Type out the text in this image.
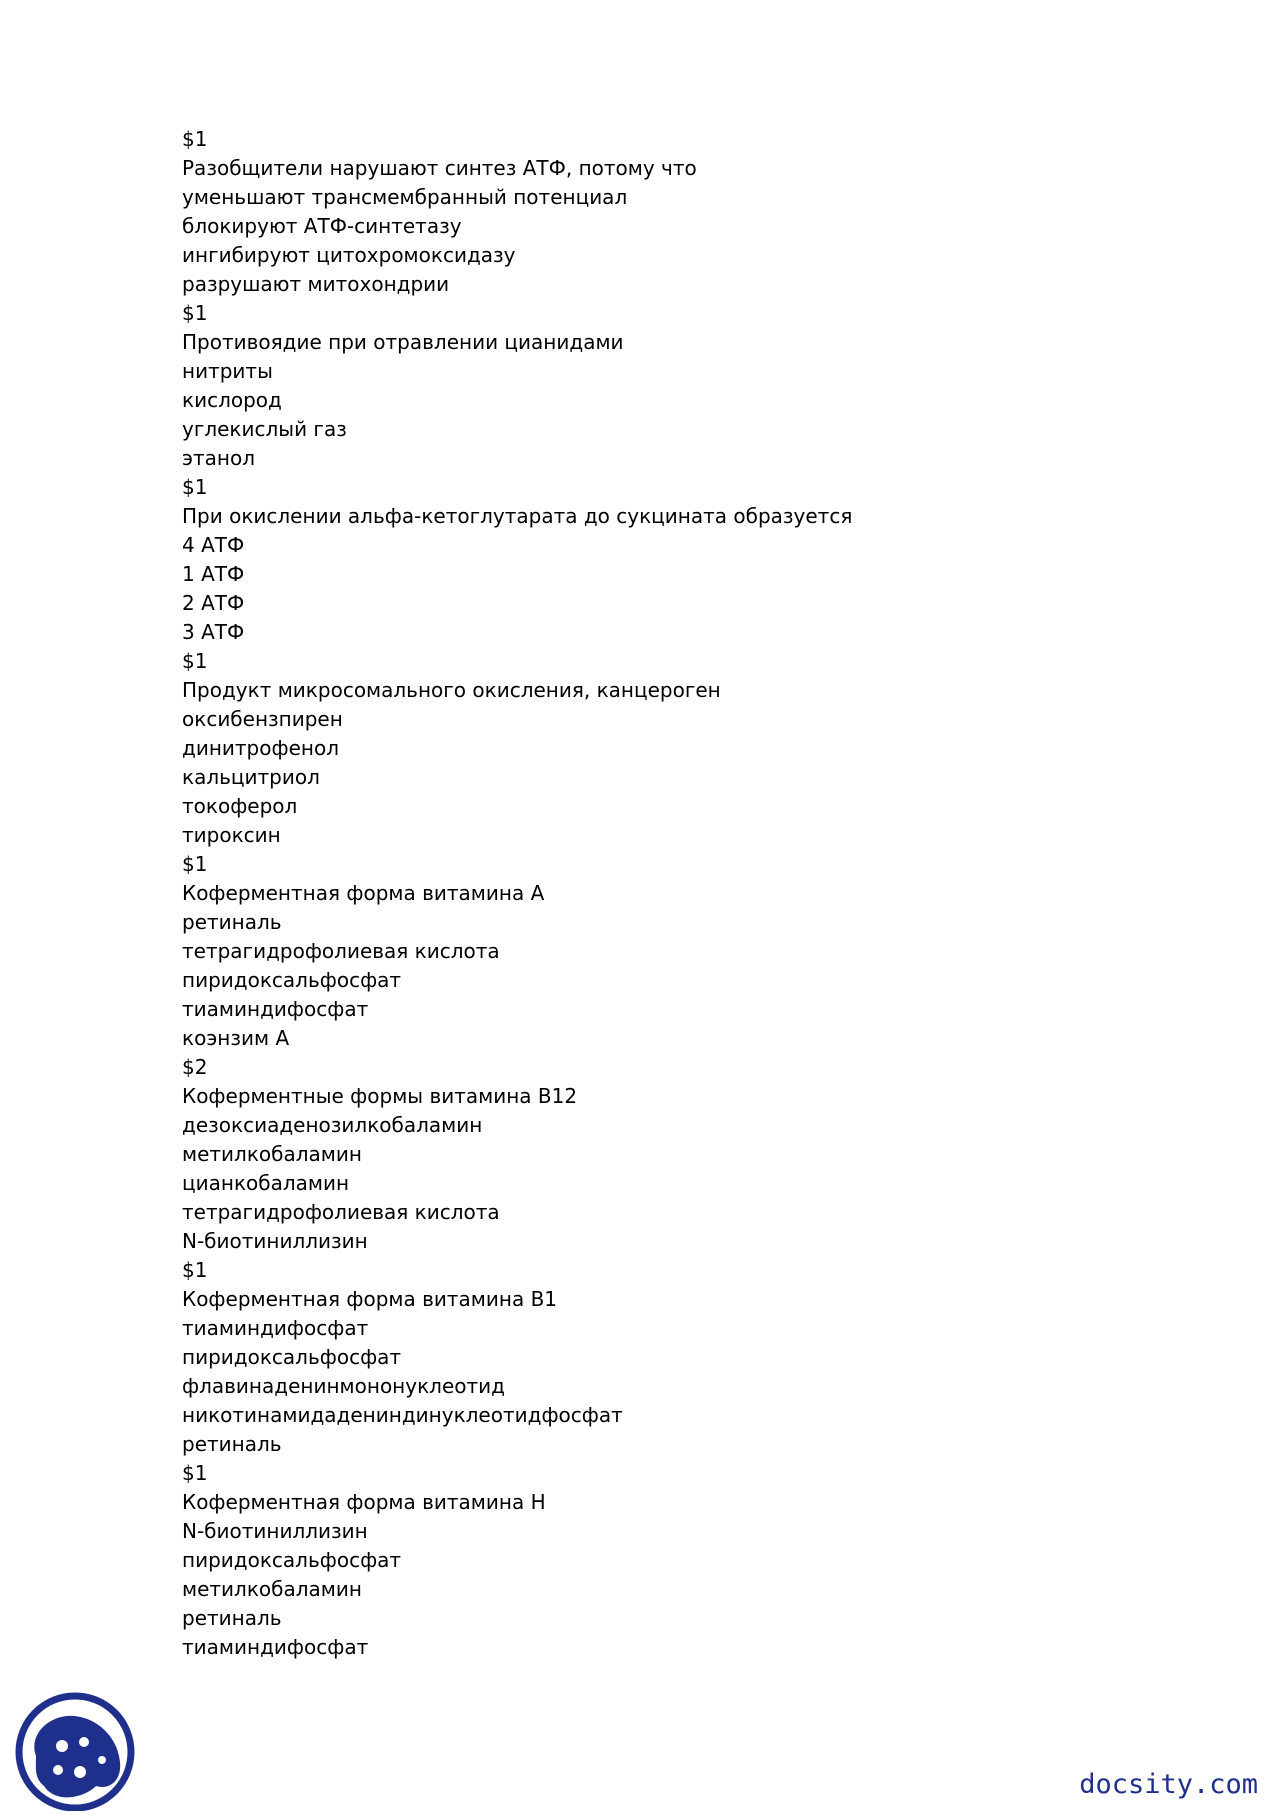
$1
Разобщители нарушают синтез АТФ, потому что
уменьшают трансмембранный потенциал
блокируют АТФ-синтетазу
ингибируют цитохромоксидазу
разрушают митохондрии
$1
Противоядие при отравлении цианидами
нитриты
кислород
углекислый газ
этанол
$1
При окислении альфа-кетоглутарата до сукцината образуется
4 АТФ
1 АТФ
2 АТФ
3 АТФ
$1
Продукт микросомального окисления, канцероген
оксибензпирен
динитрофенол
кальцитриол
токоферол
тироксин
$1
Коферментная форма витамина А
ретиналь
тетрагидрофолиевая кислота
пиридоксальфосфат
тиаминдифосфат
коэнзим А
$2
Коферментные формы витамина В12
дезоксиаденозилкобаламин
метилкобаламин
цианкобаламин
тетрагидрофолиевая кислота
N-биотиниллизин
$1
Коферментная форма витамина В1
тиаминдифосфат
пиридоксальфосфат
флавинаденинмононуклеотид
никотинамидадениндинуклеотидфосфат
ретиналь
$1
Коферментная форма витамина Н
N-биотиниллизин
пиридоксальфосфат
метилкобаламин
ретиналь
тиаминдифосфат
docsity.com
